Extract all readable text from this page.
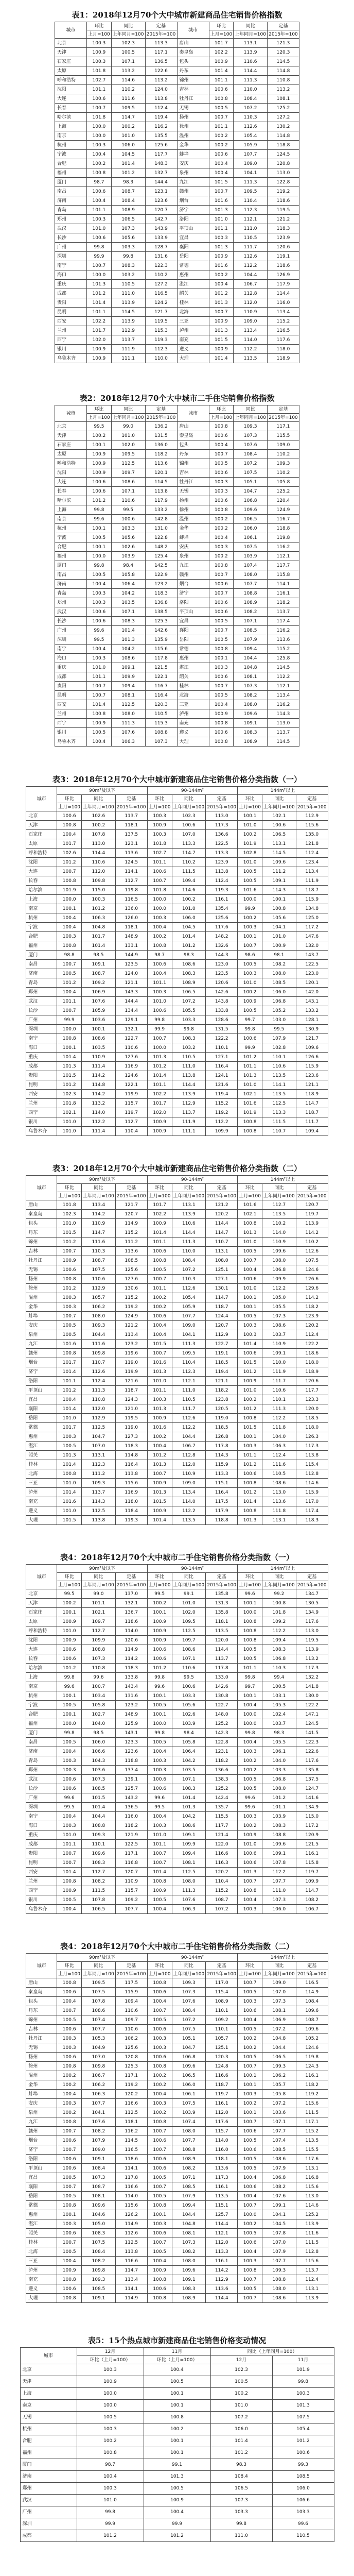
表1：2018年12月70个大中城市新建商品住宅销售价格指数
城市	环比	同比	定基	城市	环比	同比	定基
	上月=100	上年同月=100	2015年=100		上月=100	上年同月=100	2015年=100
北京	100.3	102.3	113.3	唐山	101.7	113.1	121.3
天津	100.9	100.5	117.1	秦皇岛	102.2	113.9	120.3
石家庄	100.3	107.1	136.5	包头	100.9	110.6	114.5
太原	101.8	113.2	122.6	丹东	101.4	114.4	114.8
呼和浩特	102.7	114.6	113.2	锦州	101.1	111.3	110.8
沈阳	101.1	110.2	124.0	吉林	100.6	110.0	113.2
大连	100.6	111.6	113.8	牡丹江	100.8	108.4	108.1
长春	100.7	109.5	112.4	无锡	100.5	107.2	125.2
哈尔滨	101.8	114.7	119.4	扬州	100.7	110.3	127.2
上海	100.0	100.2	116.2	徐州	101.1	112.6	130.2
南京	100.0	101.0	135.5	温州	100.2	105.4	114.8
杭州	100.3	106.0	125.6	金华	100.2	105.9	118.8
宁波	100.4	104.5	117.7	蚌埠	100.6	107.7	124.5
合肥	100.2	101.4	148.3	安庆	100.4	109.0	120.8
福州	100.8	101.2	132.7	泉州	100.4	104.1	113.0
厦门	98.7	98.3	144.4	九江	101.5	111.3	122.8
南昌	100.6	108.7	123.1	赣州	100.7	109.5	119.2
济南	100.4	108.4	123.6	烟台	101.6	110.4	118.6
青岛	101.1	108.9	120.7	济宁	101.3	112.3	119.5
郑州	100.3	106.5	142.7	洛阳	101.0	112.1	121.2
武汉	101.0	107.3	143.9	平顶山	101.1	111.0	118.3
长沙	100.6	105.6	133.9	宜昌	100.3	110.5	123.9
广州	99.8	103.3	128.7	襄阳	101.3	111.7	120.6
深圳	99.9	99.8	131.6	岳阳	100.9	112.6	119.1
南宁	100.7	108.3	122.3	常德	101.6	112.2	118.6
海口	100.0	103.2	110.2	惠州	100.2	104.4	126.9
重庆	101.3	110.5	127.2	湛江	100.4	106.7	117.9
成都	101.2	111.0	116.5	韶关	101.2	112.8	114.4
贵阳	101.4	113.9	124.2	桂林	101.3	112.0	116.0
昆明	101.1	114.5	121.7	北海	100.7	110.9	113.4
西安	102.2	113.9	119.5	三亚	100.9	109.0	115.2
兰州	101.7	112.9	115.3	泸州	101.3	113.4	116.5
西宁	102.0	113.7	119.3	南充	101.5	114.0	117.6
银川	100.9	111.9	112.3	遵义	100.9	112.2	118.0
乌鲁木齐	100.9	111.1	110.0	大理	101.4	113.5	118.9
表2：2018年12月70个大中城市二手住宅销售价格指数
城市	环比	同比	定基	城市	环比	同比	定基
	上月=100	上年同月=100	2015年=100		上月=100	上年同月=100	2015年=100
北京	99.5	99.0	136.2	唐山	100.8	109.3	117.1
天津	100.2	101.0	131.5	秦皇岛	100.6	107.3	115.5
石家庄	100.1	102.0	136.0	包头	100.4	107.6	109.0
太原	100.9	109.5	118.2	丹东	100.7	108.4	110.2
呼和浩特	100.9	112.5	113.6	锦州	100.5	107.2	109.3
沈阳	100.9	109.7	120.1	吉林	100.6	107.5	110.2
大连	100.6	108.6	114.5	牡丹江	100.3	105.1	105.8
长春	100.6	107.1	113.8	无锡	100.3	104.7	125.2
哈尔滨	101.2	110.6	117.9	扬州	100.6	106.8	120.4
上海	99.8	99.5	133.2	徐州	100.8	109.6	124.9
南京	99.6	100.6	142.8	温州	100.2	106.5	116.7
杭州	100.1	103.3	131.0	金华	100.2	106.0	118.8
宁波	100.5	105.6	122.8	蚌埠	100.4	106.1	119.8
合肥	100.1	102.6	148.2	安庆	100.3	107.5	116.2
福州	100.0	103.9	125.4	泉州	100.2	103.9	112.1
厦门	99.8	98.4	142.5	九江	100.8	107.4	117.7
南昌	100.5	105.8	122.9	赣州	100.7	108.0	115.8
济南	100.4	106.4	123.2	烟台	100.6	107.7	114.1
青岛	100.3	104.2	118.3	济宁	100.7	108.8	116.1
郑州	100.3	103.5	136.8	洛阳	100.6	108.9	118.2
武汉	100.6	107.1	138.5	平顶山	100.6	108.2	113.7
长沙	100.6	108.3	125.3	宜昌	100.5	107.1	117.4
广州	99.6	101.4	142.6	襄阳	100.7	108.5	116.2
深圳	99.5	101.3	135.9	岳阳	100.5	107.9	113.6
南宁	100.4	104.2	115.6	常德	100.8	109.4	115.2
海口	100.3	108.6	117.8	惠州	100.1	104.4	125.8
重庆	101.0	109.1	121.5	湛江	100.3	104.8	114.5
成都	101.1	109.9	122.1	韶关	100.6	108.1	112.2
贵阳	100.7	109.4	116.7	桂林	100.7	107.3	112.1
昆明	100.7	108.1	116.4	北海	100.5	108.2	113.4
西安	101.4	112.5	120.3	三亚	100.4	108.0	116.2
兰州	100.8	108.0	110.5	泸州	100.9	109.6	114.3
西宁	100.9	111.3	115.3	南充	100.8	109.1	113.0
银川	100.5	107.6	108.8	遵义	100.6	108.3	113.7
乌鲁木齐	100.4	106.3	107.3	大理	100.8	108.9	114.5
表3：2018年12月70个大中城市新建商品住宅销售价格分类指数（一）
城市	90m²及以下			90-144m²			144m²以上		
	环比	同比	定基	环比	同比	定基	环比	同比	定基
	上月=100	上年同月=100	2015年=100	上月=100	上年同月=100	2015年=100	上月=100	上年同月=100	2015年=100
北京	100.6	102.6	113.7	100.3	102.3	113.0	100.1	102.1	112.9
天津	100.8	100.2	118.1	100.9	100.6	117.3	101.0	100.6	115.6
石家庄	100.4	107.8	137.5	100.3	107.0	136.6	100.2	106.5	135.0
太原	101.7	113.0	123.1	101.8	113.3	122.5	101.9	113.1	121.8
呼和浩特	102.6	114.4	113.6	102.7	114.7	113.3	102.8	114.5	112.4
沈阳	101.2	110.6	124.5	101.1	110.2	123.9	101.0	109.6	123.4
大连	100.7	112.0	114.1	100.6	111.5	113.8	100.5	111.2	113.4
长春	100.8	109.8	112.7	100.7	109.4	112.4	100.5	109.1	111.9
哈尔滨	101.9	115.0	119.8	101.8	114.6	119.3	101.6	114.3	118.7
上海	100.0	100.3	116.5	100.0	100.2	116.1	100.0	100.1	115.9
南京	100.1	101.2	136.0	100.0	101.0	135.4	99.9	100.8	134.8
杭州	100.4	106.3	126.0	100.3	106.0	125.6	100.2	105.6	125.0
宁波	100.4	104.8	118.1	100.4	104.5	117.6	100.3	104.1	117.2
合肥	100.3	101.7	148.9	100.2	101.4	148.2	100.1	101.0	147.6
福州	100.8	101.4	133.1	100.8	101.2	132.6	100.7	100.9	132.0
厦门	98.8	98.5	144.9	98.7	98.3	144.3	98.6	98.1	143.7
南昌	100.7	109.1	123.5	100.6	108.6	123.0	100.5	108.2	122.5
济南	100.5	108.7	124.0	100.4	108.3	123.5	100.3	108.0	123.0
青岛	101.2	109.2	121.1	101.1	108.9	120.6	101.0	108.5	120.1
郑州	100.4	106.9	143.3	100.3	106.5	142.6	100.2	106.0	142.0
武汉	101.1	107.6	144.4	101.0	107.2	143.8	100.9	106.8	143.1
长沙	100.7	105.9	134.4	100.6	105.5	133.8	100.5	105.2	133.2
广州	99.9	103.6	129.1	99.8	103.3	128.6	99.7	103.0	128.1
深圳	100.0	100.1	132.1	99.9	99.8	131.5	99.8	99.5	130.9
南宁	100.8	108.6	122.7	100.7	108.3	122.2	100.6	107.9	121.7
海口	100.1	103.5	110.6	100.0	103.2	110.1	99.9	102.8	109.6
重庆	101.4	110.9	127.6	101.3	110.5	127.1	101.2	110.1	126.6
成都	101.3	111.4	116.9	101.2	111.0	116.4	101.1	110.6	115.9
贵阳	101.5	114.2	124.6	101.4	113.8	124.1	101.3	113.5	123.6
昆明	101.2	114.8	122.1	101.1	114.4	121.6	101.0	114.1	121.1
西安	102.3	114.2	119.9	102.2	113.9	119.4	102.1	113.5	118.9
兰州	101.8	113.2	115.7	101.7	112.9	115.2	101.6	112.5	114.7
西宁	102.1	114.0	119.7	102.0	113.7	119.2	101.9	113.3	118.7
银川	101.0	112.2	112.7	100.9	111.9	112.2	100.8	111.5	111.7
乌鲁木齐	101.0	111.4	110.4	100.9	111.1	109.9	100.8	110.7	109.4
表3：2018年12月70个大中城市新建商品住宅销售价格分类指数（二）
城市	90m²及以下			90-144m²			144m²以上		
	环比	同比	定基	环比	同比	定基	环比	同比	定基
	上月=100	上年同月=100	2015年=100	上月=100	上年同月=100	2015年=100	上月=100	上年同月=100	2015年=100
唐山	101.8	113.4	121.7	101.7	113.1	121.2	101.6	112.7	120.7
秦皇岛	102.3	114.2	120.7	102.2	113.9	120.2	102.1	113.5	119.7
包头	101.0	110.9	114.9	100.9	110.6	114.4	100.8	110.2	113.9
丹东	101.5	114.7	115.2	101.4	114.4	114.7	101.3	114.0	114.2
锦州	101.2	111.6	111.2	101.1	111.3	110.7	101.0	110.9	110.2
吉林	100.7	110.3	113.6	100.6	110.0	113.1	100.5	109.6	112.6
牡丹江	100.9	108.7	108.5	100.8	108.4	108.0	100.7	108.0	107.5
无锡	100.6	107.5	125.6	100.5	107.2	125.1	100.4	106.8	124.6
扬州	100.8	110.6	127.6	100.7	110.3	127.1	100.6	109.9	126.6
徐州	101.2	112.9	130.6	101.1	112.6	130.1	101.0	112.2	129.6
温州	100.3	105.7	115.2	100.2	105.4	114.7	100.1	105.0	114.2
金华	100.3	106.2	119.2	100.2	105.9	118.7	100.1	105.5	118.2
蚌埠	100.7	108.0	124.9	100.6	107.7	124.4	100.5	107.3	123.9
安庆	100.5	109.3	121.2	100.4	109.0	120.7	100.3	108.6	120.2
泉州	100.5	104.4	113.4	100.4	104.1	112.9	100.3	103.7	112.4
九江	101.6	111.6	123.2	101.5	111.3	122.7	101.4	110.9	122.2
赣州	100.8	109.8	119.6	100.7	109.5	119.1	100.6	109.1	118.6
烟台	101.7	110.7	119.0	101.6	110.4	118.5	101.5	110.0	118.0
济宁	101.4	112.6	119.9	101.3	112.3	119.4	101.2	111.9	118.9
洛阳	101.1	112.4	121.6	101.0	112.1	121.1	100.9	111.7	120.6
平顶山	101.2	111.3	118.7	101.1	111.0	118.2	101.0	110.6	117.7
宜昌	100.4	110.8	124.3	100.3	110.5	123.8	100.2	110.1	123.3
襄阳	101.4	112.0	121.0	101.3	111.7	120.5	101.2	111.3	120.0
岳阳	101.0	112.9	119.5	100.9	112.6	119.0	100.8	112.2	118.5
常德	101.7	112.5	119.0	101.6	112.2	118.5	101.5	111.8	118.0
惠州	100.3	104.7	127.3	100.2	104.4	126.8	100.1	104.0	126.3
湛江	100.5	107.0	118.3	100.4	106.7	117.8	100.3	106.3	117.3
韶关	101.3	113.1	114.8	101.2	112.8	114.3	101.1	112.4	113.8
桂林	101.4	112.3	116.4	101.3	112.0	115.9	101.2	111.6	115.4
北海	100.8	111.2	113.8	100.7	110.9	113.3	100.6	110.5	112.8
三亚	101.0	109.3	115.6	100.9	109.0	115.1	100.8	108.6	114.6
泸州	101.4	113.7	116.9	101.3	113.4	116.4	101.2	113.0	115.9
南充	101.6	114.3	118.0	101.5	114.0	117.5	101.4	113.6	117.0
遵义	101.0	112.5	118.4	100.9	112.2	117.9	100.8	111.8	117.4
大理	101.5	113.8	119.3	101.4	113.5	118.8	101.3	113.1	118.3
表4：2018年12月70个大中城市二手住宅销售价格分类指数（一）
城市	90m²及以下			90-144m²			144m²以上		
	环比	同比	定基	环比	同比	定基	环比	同比	定基
	上月=100	上年同月=100	2015年=100	上月=100	上年同月=100	2015年=100	上月=100	上年同月=100	2015年=100
北京	99.5	99.0	137.0	99.5	99.1	135.8	99.6	99.2	134.7
天津	100.2	101.1	132.1	100.2	101.0	131.3	100.1	100.8	130.5
石家庄	100.1	102.1	136.7	100.1	102.0	135.8	100.0	101.8	134.9
太原	100.9	109.7	118.6	100.9	109.5	118.1	100.8	109.2	117.6
呼和浩特	101.0	112.7	114.0	100.9	112.5	113.5	100.8	112.2	113.0
沈阳	100.9	109.9	120.6	100.9	109.7	120.0	100.8	109.4	119.5
大连	100.6	108.8	114.9	100.6	108.6	114.4	100.5	108.3	113.9
长春	100.6	107.3	114.2	100.6	107.1	113.7	100.5	106.8	113.2
哈尔滨	101.2	110.8	118.3	101.2	110.6	117.8	101.1	110.3	117.3
上海	99.8	99.6	133.8	99.8	99.5	133.0	99.8	99.4	132.2
南京	99.6	100.7	143.4	99.6	100.6	142.6	99.7	100.5	141.8
杭州	100.1	103.4	131.6	100.1	103.3	130.8	100.1	103.1	130.0
宁波	100.5	105.8	123.2	100.5	105.6	122.7	100.4	105.3	122.2
合肥	100.1	102.7	148.9	100.1	102.6	148.0	100.0	102.4	147.1
福州	100.0	104.0	125.9	100.0	103.9	125.2	100.0	103.7	124.5
厦门	99.8	98.5	143.1	99.8	98.4	142.3	99.8	98.3	141.5
南昌	100.5	106.0	123.3	100.5	105.8	122.8	100.4	105.5	122.3
济南	100.4	106.6	123.6	100.4	106.4	123.1	100.3	106.1	122.6
青岛	100.3	104.3	118.8	100.3	104.2	118.2	100.2	104.0	117.6
郑州	100.3	103.6	137.4	100.3	103.5	136.6	100.2	103.3	135.8
武汉	100.6	107.3	139.1	100.6	107.1	138.3	100.5	106.8	137.5
长沙	100.6	108.5	125.7	100.6	108.3	125.2	100.5	108.0	124.7
广州	99.6	101.5	143.2	99.6	101.4	142.4	99.6	101.2	141.6
深圳	99.5	101.4	136.5	99.5	101.3	135.7	99.6	101.1	134.9
南宁	100.4	104.4	116.0	100.4	104.2	115.5	100.3	103.9	115.0
海口	100.3	108.8	118.2	100.3	108.6	117.7	100.2	108.3	117.2
重庆	101.0	109.3	121.9	101.0	109.1	121.4	100.9	108.8	120.9
成都	101.1	110.1	122.5	101.1	109.9	122.0	101.0	109.6	121.5
贵阳	100.7	109.6	117.1	100.7	109.4	116.6	100.6	109.1	116.1
昆明	100.7	108.3	116.8	100.7	108.1	116.3	100.6	107.8	115.8
西安	101.4	112.7	120.7	101.4	112.5	120.2	101.3	112.2	119.7
兰州	100.8	108.2	110.9	100.8	108.0	110.4	100.7	107.7	109.9
西宁	100.9	111.5	115.7	100.9	111.3	115.2	100.8	111.0	114.7
银川	100.5	107.8	109.2	100.5	107.6	108.7	100.4	107.3	108.2
乌鲁木齐	100.4	106.5	107.7	100.4	106.3	107.2	100.3	106.0	106.7
表4：2018年12月70个大中城市二手住宅销售价格分类指数（二）
城市	90m²及以下			90-144m²			144m²以上		
	环比	同比	定基	环比	同比	定基	环比	同比	定基
	上月=100	上年同月=100	2015年=100	上月=100	上年同月=100	2015年=100	上月=100	上年同月=100	2015年=100
唐山	100.8	109.5	117.5	100.8	109.3	117.0	100.7	109.0	116.5
秦皇岛	100.6	107.5	115.9	100.6	107.3	115.4	100.5	107.0	114.9
包头	100.4	107.8	109.4	100.4	107.6	108.9	100.3	107.3	108.4
丹东	100.7	108.6	110.6	100.7	108.4	110.1	100.6	108.1	109.6
锦州	100.5	107.4	109.7	100.5	107.2	109.2	100.4	106.9	108.7
吉林	100.6	107.7	110.6	100.6	107.5	110.1	100.5	107.2	109.6
牡丹江	100.3	105.3	106.2	100.3	105.1	105.7	100.2	104.8	105.2
无锡	100.3	104.9	125.6	100.3	104.7	125.1	100.2	104.4	124.6
扬州	100.6	107.0	120.8	100.6	106.8	120.3	100.5	106.5	119.8
徐州	100.8	109.8	125.3	100.8	109.6	124.8	100.7	109.3	124.3
温州	100.2	106.7	117.1	100.2	106.5	116.6	100.1	106.2	116.1
金华	100.2	106.2	119.2	100.2	106.0	118.7	100.1	105.7	118.2
蚌埠	100.4	106.3	120.2	100.4	106.1	119.7	100.3	105.8	119.2
安庆	100.3	107.7	116.6	100.3	107.5	116.1	100.2	107.2	115.6
泉州	100.2	104.1	112.5	100.2	103.9	112.0	100.1	103.6	111.5
九江	100.8	107.6	118.1	100.8	107.4	117.6	100.7	107.1	117.1
赣州	100.7	108.2	116.2	100.7	108.0	115.7	100.6	107.7	115.2
烟台	100.6	107.9	114.5	100.6	107.7	114.0	100.5	107.4	113.5
济宁	100.7	109.0	116.5	100.7	108.8	116.0	100.6	108.5	115.5
洛阳	100.6	109.1	118.6	100.6	108.9	118.1	100.5	108.6	117.6
平顶山	100.6	108.4	114.1	100.6	108.2	113.6	100.5	107.9	113.1
宜昌	100.5	107.3	117.8	100.5	107.1	117.3	100.4	106.8	116.8
襄阳	100.7	108.7	116.6	100.7	108.5	116.1	100.6	108.2	115.6
岳阳	100.5	108.1	114.0	100.5	107.9	113.5	100.4	107.6	113.0
常德	100.8	109.6	115.6	100.8	109.4	115.1	100.7	109.1	114.6
惠州	100.1	104.6	126.2	100.1	104.4	125.7	100.0	104.1	125.2
湛江	100.3	105.0	114.9	100.3	104.8	114.4	100.2	104.5	113.9
韶关	100.6	108.3	112.6	100.6	108.1	112.1	100.5	107.8	111.6
桂林	100.7	107.5	112.5	100.7	107.3	112.0	100.6	107.0	111.5
北海	100.5	108.4	113.8	100.5	108.2	113.3	100.4	107.9	112.8
三亚	100.4	108.2	116.6	100.4	108.0	116.1	100.3	107.7	115.6
泸州	100.9	109.8	114.7	100.9	109.6	114.2	100.8	109.3	113.7
南充	100.8	109.3	113.4	100.8	109.1	112.9	100.7	108.8	112.4
遵义	100.6	108.5	114.1	100.6	108.3	113.6	100.5	108.0	113.1
大理	100.8	109.1	114.9	100.8	108.9	114.4	100.7	108.6	113.9
表5：15个热点城市新建商品住宅销售价格变动情况
城市	12月	11月	同比（上年同月=100）	
	环比（上月=100）	环比（上月=100）	12月	11月
北京	100.3	100.4	102.3	101.9
天津	100.9	100.5	100.5	99.8
上海	100.0	100.1	100.2	100.3
南京	100.0	100.1	101.0	101.3
无锡	100.5	100.8	107.2	107.5
杭州	100.3	100.2	106.0	105.4
合肥	100.2	100.1	101.4	101.2
福州	100.8	100.1	101.2	100.6
厦门	98.7	99.1	98.3	99.3
济南	100.4	101.3	108.4	108.5
郑州	100.3	100.5	106.5	106.0
武汉	101.0	100.9	107.3	106.6
广州	99.8	100.4	103.3	103.3
深圳	99.9	99.9	99.8	99.6
成都	101.2	101.2	111.0	110.5
